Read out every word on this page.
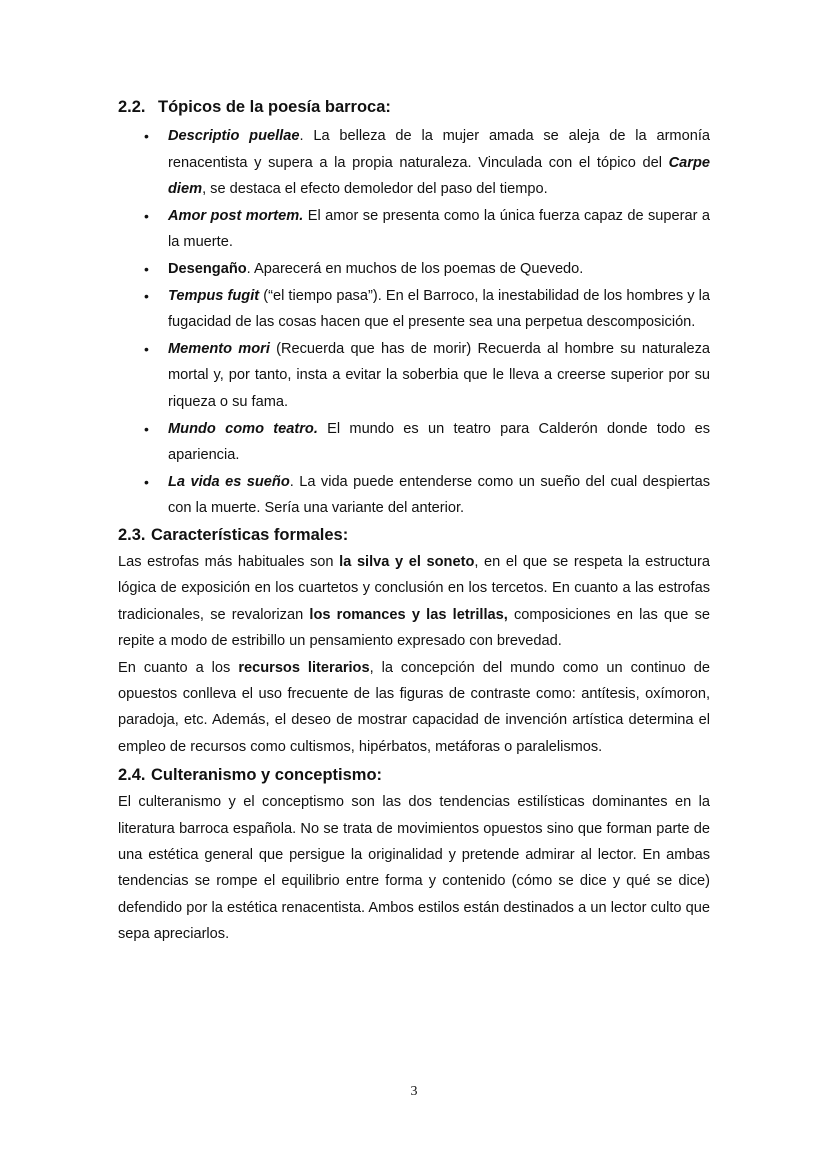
2.2. Tópicos de la poesía barroca:
• Descriptio puellae. La belleza de la mujer amada se aleja de la armonía renacentista y supera a la propia naturaleza. Vinculada con el tópico del Carpe diem, se destaca el efecto demoledor del paso del tiempo.
• Amor post mortem. El amor se presenta como la única fuerza capaz de superar a la muerte.
• Desengaño. Aparecerá en muchos de los poemas de Quevedo.
• Tempus fugit (“el tiempo pasa”). En el Barroco, la inestabilidad de los hombres y la fugacidad de las cosas hacen que el presente sea una perpetua descomposición.
• Memento mori (Recuerda que has de morir) Recuerda al hombre su naturaleza mortal y, por tanto, insta a evitar la soberbia que le lleva a creerse superior por su riqueza o su fama.
• Mundo como teatro. El mundo es un teatro para Calderón donde todo es apariencia.
• La vida es sueño. La vida puede entenderse como un sueño del cual despiertas con la muerte. Sería una variante del anterior.
2.3. Características formales:

Las estrofas más habituales son la silva y el soneto, en el que se respeta la estructura lógica de exposición en los cuartetos y conclusión en los tercetos. En cuanto a las estrofas tradicionales, se revalorizan los romances y las letrillas, composiciones en las que se repite a modo de estribillo un pensamiento expresado con brevedad.

En cuanto a los recursos literarios, la concepción del mundo como un continuo de opuestos conlleva el uso frecuente de las figuras de contraste como: antítesis, oxímoron, paradoja, etc. Además, el deseo de mostrar capacidad de invención artística determina el empleo de recursos como cultismos, hipérbatos, metáforas o paralelismos.

2.4. Culteranismo y conceptismo:

El culteranismo y el conceptismo son las dos tendencias estilísticas dominantes en la literatura barroca española. No se trata de movimientos opuestos sino que forman parte de una estética general que persigue la originalidad y pretende admirar al lector. En ambas tendencias se rompe el equilibrio entre forma y contenido (cómo se dice y qué se dice) defendido por la estética renacentista. Ambos estilos están destinados a un lector culto que sepa apreciarlos.

3
